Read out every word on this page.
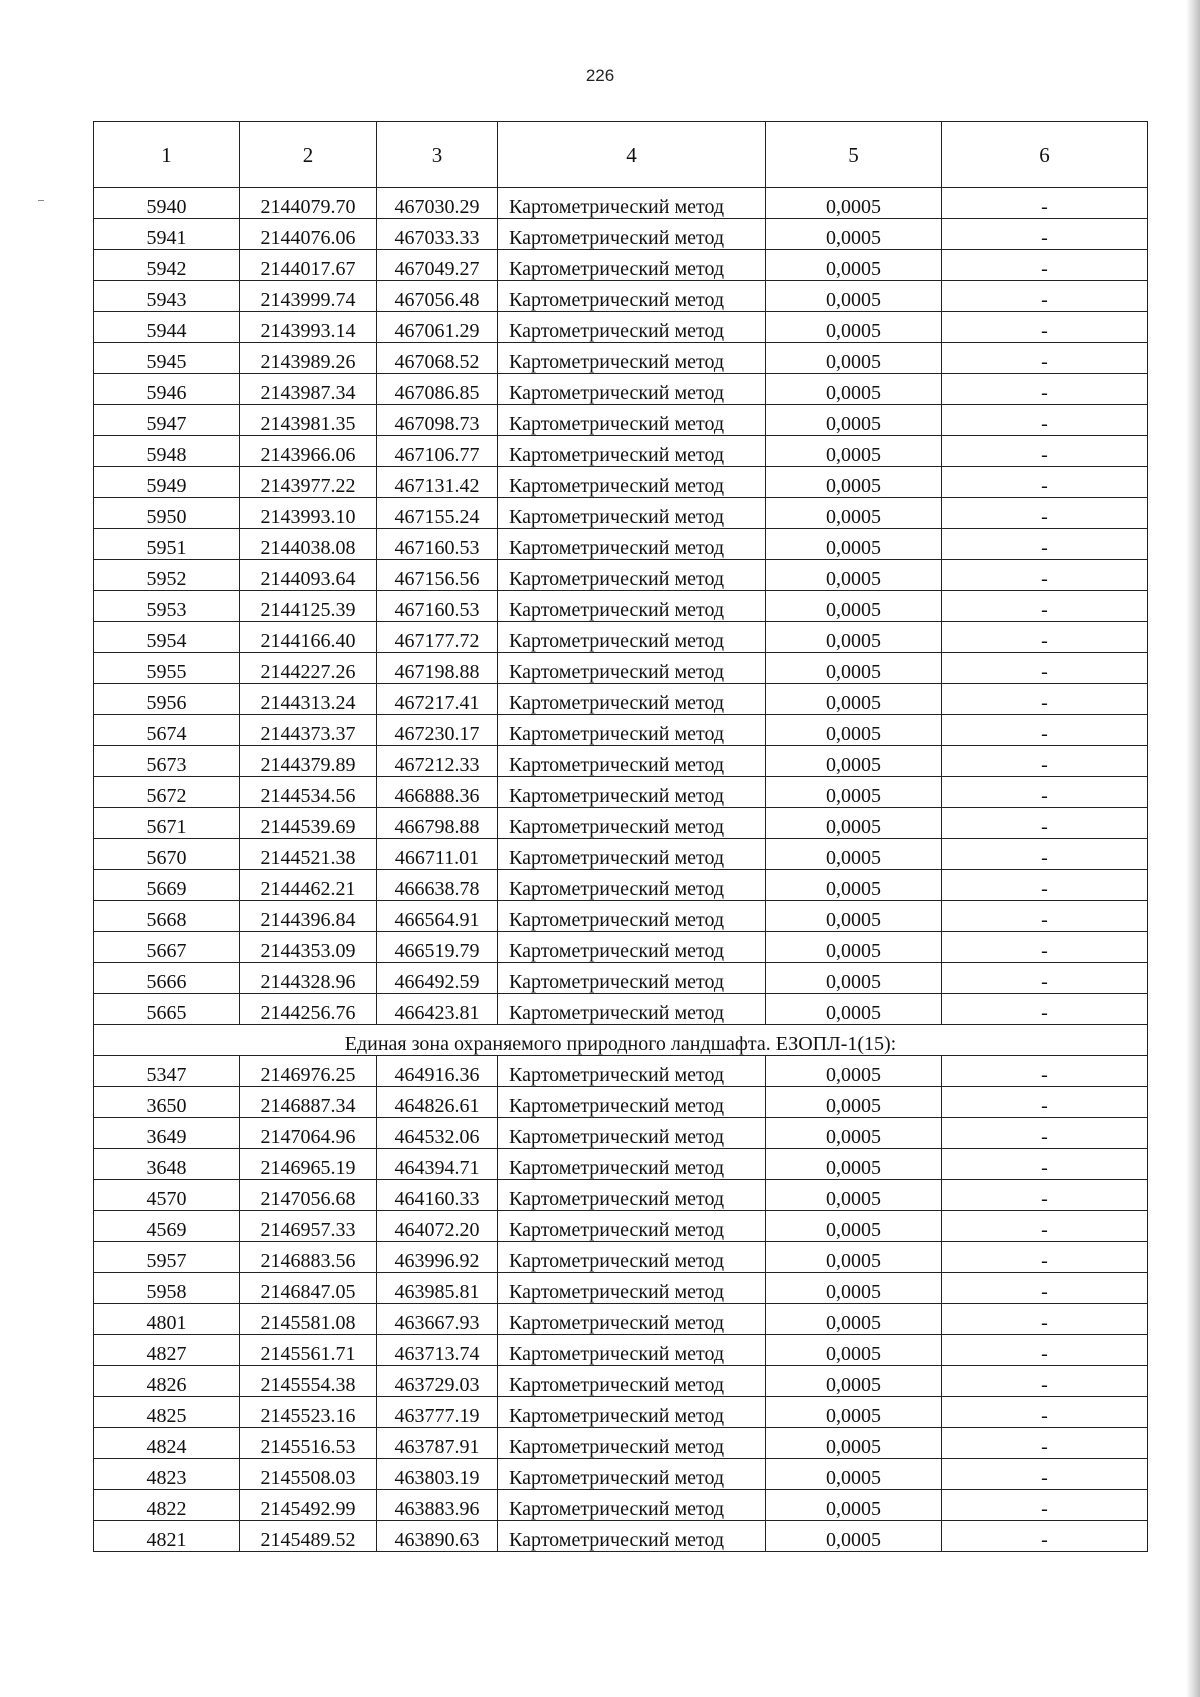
226
1	2	3	4	5	6
5940	2144079.70	467030.29	Картометрический метод	0,0005	-
5941	2144076.06	467033.33	Картометрический метод	0,0005	-
5942	2144017.67	467049.27	Картометрический метод	0,0005	-
5943	2143999.74	467056.48	Картометрический метод	0,0005	-
5944	2143993.14	467061.29	Картометрический метод	0,0005	-
5945	2143989.26	467068.52	Картометрический метод	0,0005	-
5946	2143987.34	467086.85	Картометрический метод	0,0005	-
5947	2143981.35	467098.73	Картометрический метод	0,0005	-
5948	2143966.06	467106.77	Картометрический метод	0,0005	-
5949	2143977.22	467131.42	Картометрический метод	0,0005	-
5950	2143993.10	467155.24	Картометрический метод	0,0005	-
5951	2144038.08	467160.53	Картометрический метод	0,0005	-
5952	2144093.64	467156.56	Картометрический метод	0,0005	-
5953	2144125.39	467160.53	Картометрический метод	0,0005	-
5954	2144166.40	467177.72	Картометрический метод	0,0005	-
5955	2144227.26	467198.88	Картометрический метод	0,0005	-
5956	2144313.24	467217.41	Картометрический метод	0,0005	-
5674	2144373.37	467230.17	Картометрический метод	0,0005	-
5673	2144379.89	467212.33	Картометрический метод	0,0005	-
5672	2144534.56	466888.36	Картометрический метод	0,0005	-
5671	2144539.69	466798.88	Картометрический метод	0,0005	-
5670	2144521.38	466711.01	Картометрический метод	0,0005	-
5669	2144462.21	466638.78	Картометрический метод	0,0005	-
5668	2144396.84	466564.91	Картометрический метод	0,0005	-
5667	2144353.09	466519.79	Картометрический метод	0,0005	-
5666	2144328.96	466492.59	Картометрический метод	0,0005	-
5665	2144256.76	466423.81	Картометрический метод	0,0005	-
Единая зона охраняемого природного ландшафта. ЕЗОПЛ-1(15):					
5347	2146976.25	464916.36	Картометрический метод	0,0005	-
3650	2146887.34	464826.61	Картометрический метод	0,0005	-
3649	2147064.96	464532.06	Картометрический метод	0,0005	-
3648	2146965.19	464394.71	Картометрический метод	0,0005	-
4570	2147056.68	464160.33	Картометрический метод	0,0005	-
4569	2146957.33	464072.20	Картометрический метод	0,0005	-
5957	2146883.56	463996.92	Картометрический метод	0,0005	-
5958	2146847.05	463985.81	Картометрический метод	0,0005	-
4801	2145581.08	463667.93	Картометрический метод	0,0005	-
4827	2145561.71	463713.74	Картометрический метод	0,0005	-
4826	2145554.38	463729.03	Картометрический метод	0,0005	-
4825	2145523.16	463777.19	Картометрический метод	0,0005	-
4824	2145516.53	463787.91	Картометрический метод	0,0005	-
4823	2145508.03	463803.19	Картометрический метод	0,0005	-
4822	2145492.99	463883.96	Картометрический метод	0,0005	-
4821	2145489.52	463890.63	Картометрический метод	0,0005	-
